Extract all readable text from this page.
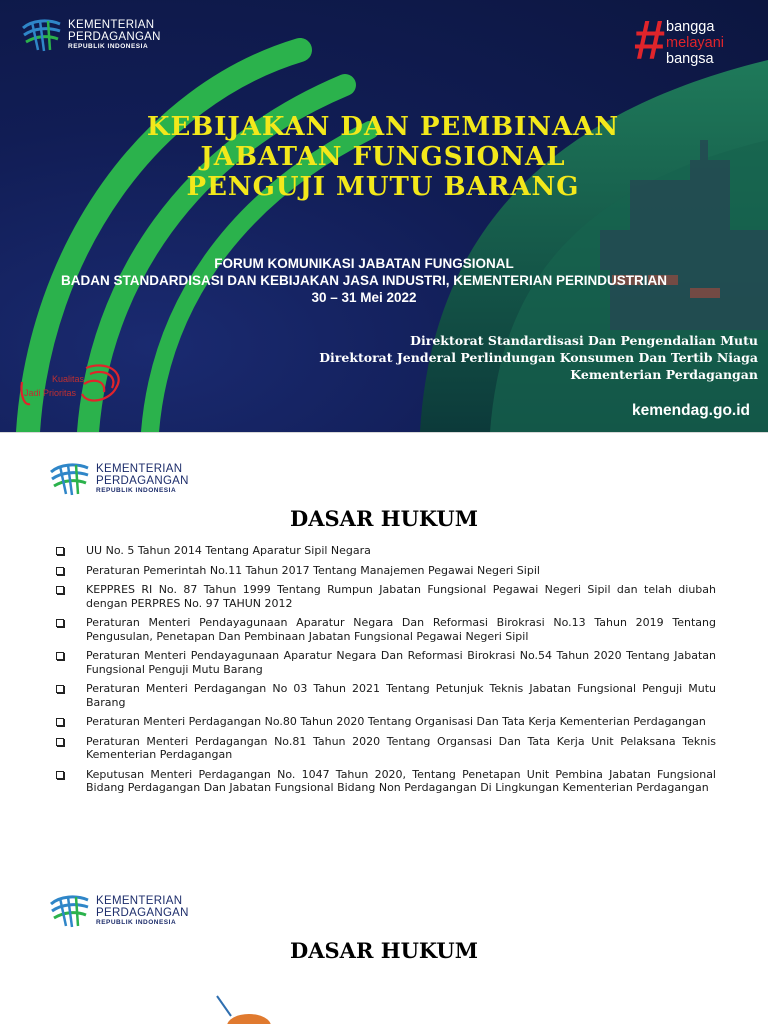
KEMENTERIAN
PERDAGANGAN
REPUBLIK INDONESIA	# bangga
melayani
bangsa
KEBIJAKAN DAN PEMBINAAN
JABATAN FUNGSIONAL
PENGUJI MUTU BARANG
FORUM KOMUNIKASI JABATAN FUNGSIONAL
BADAN STANDARDISASI DAN KEBIJAKAN JASA INDUSTRI, KEMENTERIAN PERINDUSTRIAN
30 – 31 Mei 2022
Direktorat Standardisasi Dan Pengendalian Mutu
Direktorat Jenderal Perlindungan Konsumen Dan Tertib Niaga
Kementerian Perdagangan
Kualitas
Jadi Prioritas
kemendag.go.id
KEMENTERIAN
PERDAGANGAN
REPUBLIK INDONESIA
DASAR HUKUM
UU No. 5 Tahun 2014 Tentang Aparatur Sipil Negara
Peraturan Pemerintah No.11 Tahun 2017 Tentang Manajemen Pegawai Negeri Sipil
KEPPRES RI No. 87 Tahun 1999 Tentang Rumpun Jabatan Fungsional Pegawai Negeri Sipil dan telah diubah dengan PERPRES No. 97 TAHUN 2012
Peraturan Menteri Pendayagunaan Aparatur Negara Dan Reformasi Birokrasi No.13 Tahun 2019 Tentang Pengusulan, Penetapan Dan Pembinaan Jabatan Fungsional Pegawai Negeri Sipil
Peraturan Menteri Pendayagunaan Aparatur Negara Dan Reformasi Birokrasi No.54 Tahun 2020 Tentang Jabatan Fungsional Penguji Mutu Barang
Peraturan Menteri Perdagangan No 03 Tahun 2021 Tentang Petunjuk Teknis Jabatan Fungsional Penguji Mutu Barang
Peraturan Menteri Perdagangan No.80 Tahun 2020 Tentang Organisasi Dan Tata Kerja Kementerian Perdagangan
Peraturan Menteri Perdagangan No.81 Tahun 2020 Tentang Organsasi Dan Tata Kerja Unit Pelaksana Teknis Kementerian Perdagangan
Keputusan Menteri Perdagangan No. 1047 Tahun 2020, Tentang Penetapan Unit Pembina Jabatan Fungsional Bidang Perdagangan Dan Jabatan Fungsional Bidang Non Perdagangan Di Lingkungan Kementerian Perdagangan
KEMENTERIAN
PERDAGANGAN
REPUBLIK INDONESIA
DASAR HUKUM
